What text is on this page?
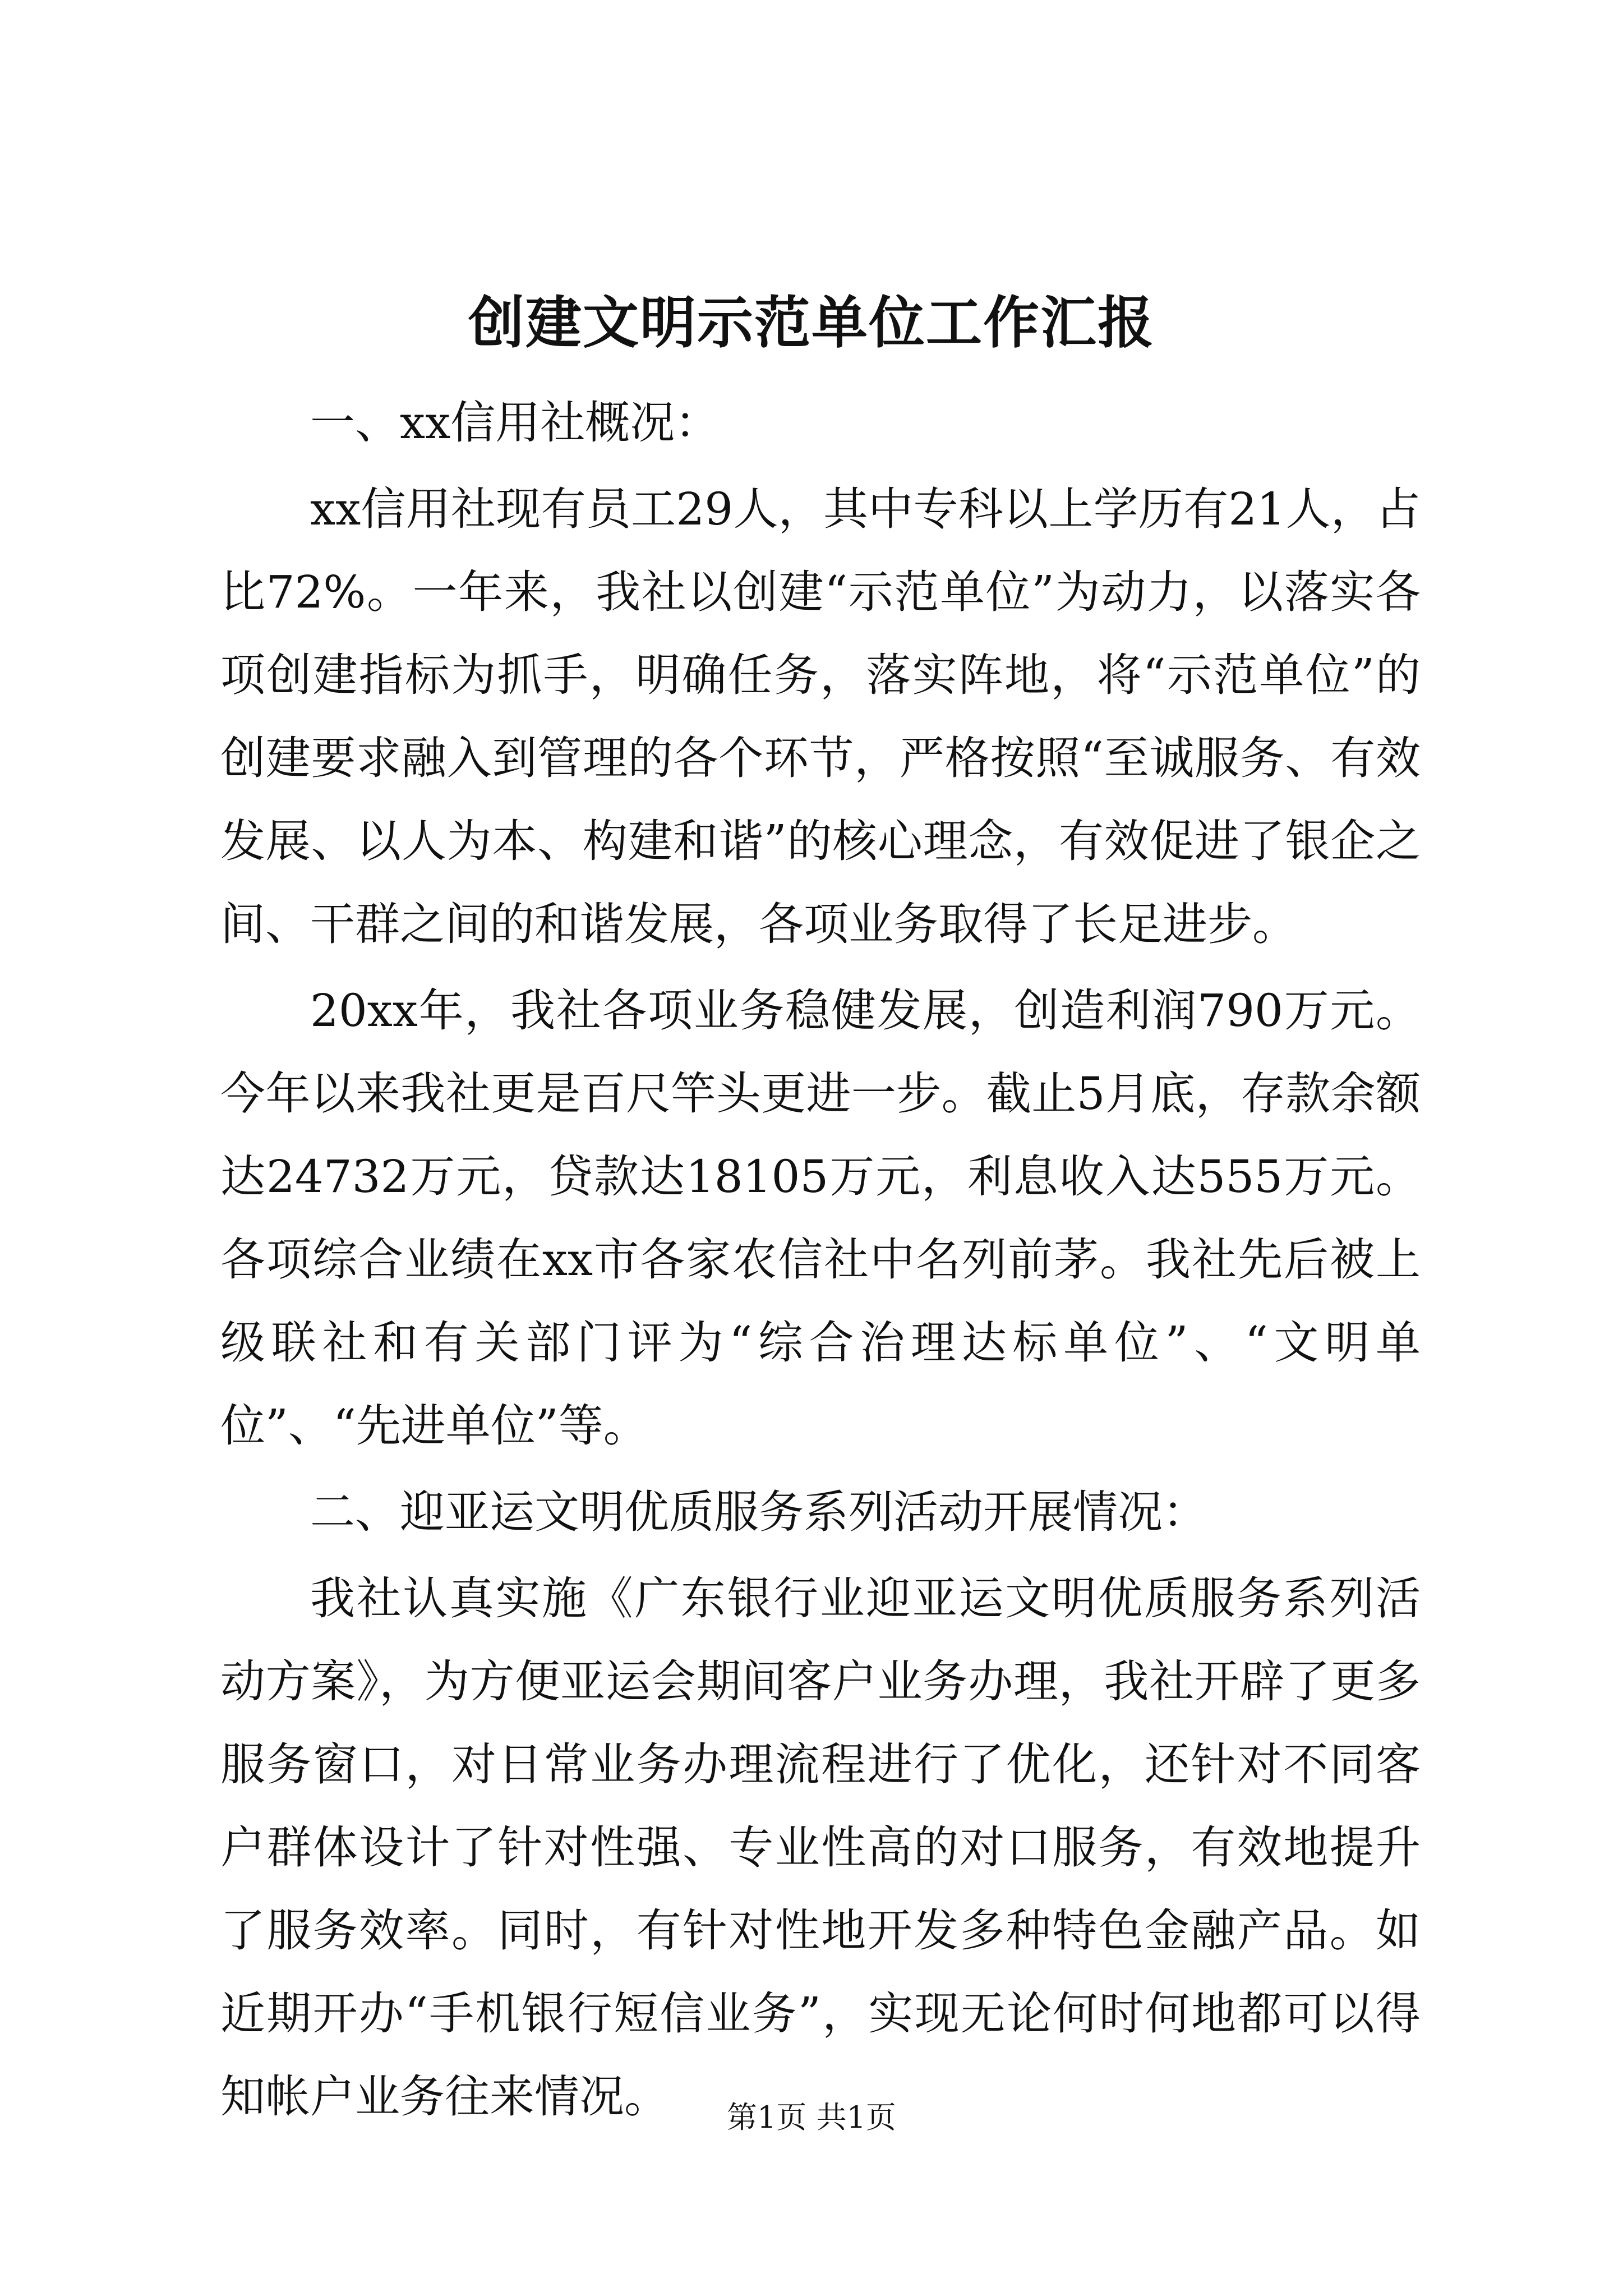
创建文明示范单位工作汇报

一、xx信用社概况：

xx信用社现有员工29人，其中专科以上学历有21人，占比72%。一年来，我社以创建“示范单位”为动力，以落实各项创建指标为抓手，明确任务，落实阵地，将“示范单位”的创建要求融入到管理的各个环节，严格按照“至诚服务、有效发展、以人为本、构建和谐”的核心理念，有效促进了银企之间、干群之间的和谐发展，各项业务取得了长足进步。

20xx年，我社各项业务稳健发展，创造利润790万元。今年以来我社更是百尺竿头更进一步。截止5月底，存款余额达24732万元，贷款达18105万元，利息收入达555万元。各项综合业绩在xx市各家农信社中名列前茅。我社先后被上级联社和有关部门评为“综合治理达标单位”、“文明单位”、“先进单位”等。

二、迎亚运文明优质服务系列活动开展情况：

我社认真实施《广东银行业迎亚运文明优质服务系列活动方案》，为方便亚运会期间客户业务办理，我社开辟了更多服务窗口，对日常业务办理流程进行了优化，还针对不同客户群体设计了针对性强、专业性高的对口服务，有效地提升了服务效率。同时，有针对性地开发多种特色金融产品。如近期开办“手机银行短信业务”，实现无论何时何地都可以得知帐户业务往来情况。	第1页 共1页
